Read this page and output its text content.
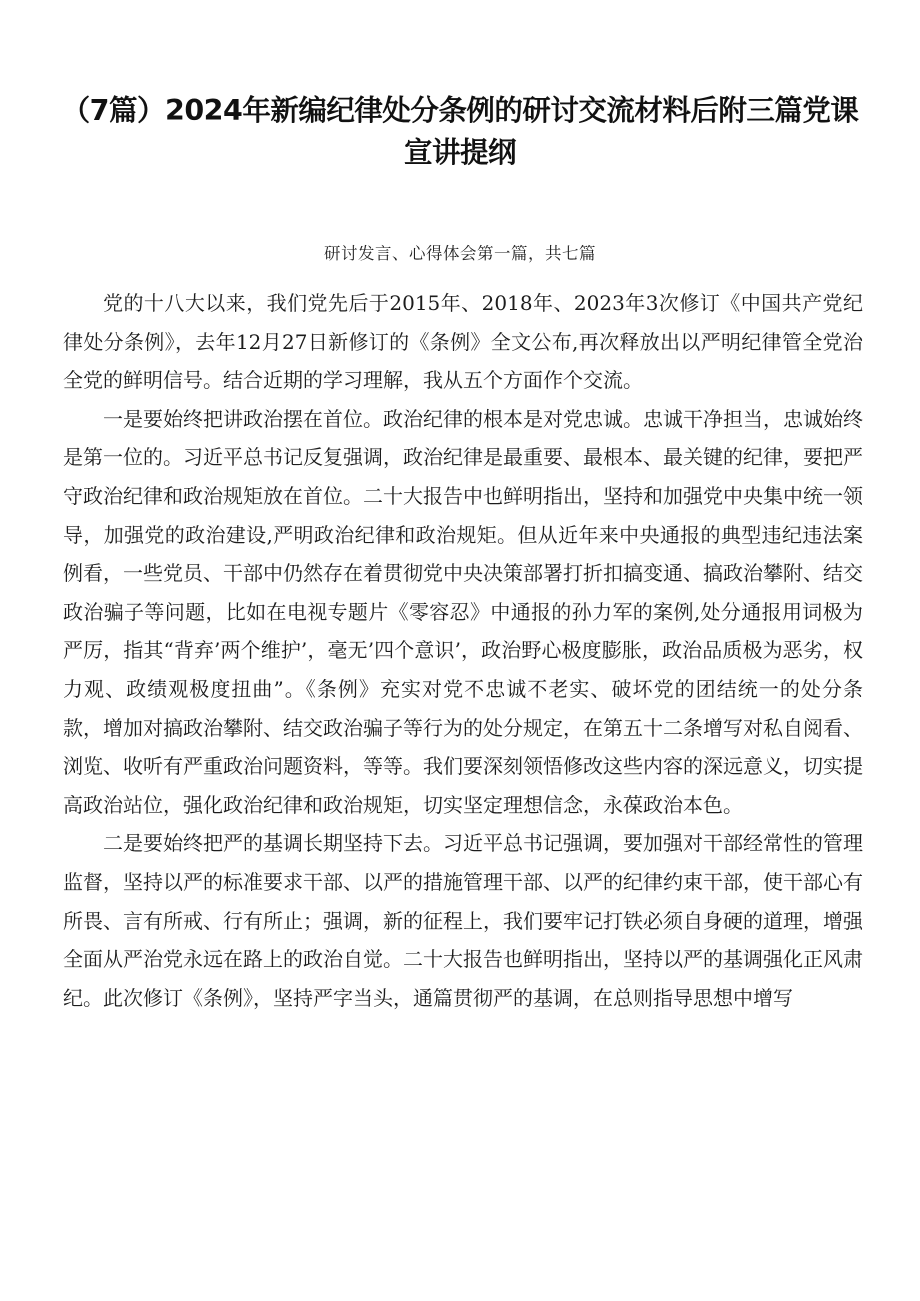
（7篇）2024年新编纪律处分条例的研讨交流材料后附三篇党课
宣讲提纲

研讨发言、心得体会第一篇，共七篇

党的十八大以来，我们党先后于2015年、2018年、2023年3次修订《中国共产党纪律处分条例》，去年12月27日新修订的《条例》全文公布,再次释放出以严明纪律管全党治全党的鲜明信号。结合近期的学习理解，我从五个方面作个交流。

一是要始终把讲政治摆在首位。政治纪律的根本是对党忠诚。忠诚干净担当，忠诚始终是第一位的。习近平总书记反复强调，政治纪律是最重要、最根本、最关键的纪律，要把严守政治纪律和政治规矩放在首位。二十大报告中也鲜明指出，坚持和加强党中央集中统一领导，加强党的政治建设,严明政治纪律和政治规矩。但从近年来中央通报的典型违纪违法案例看，一些党员、干部中仍然存在着贯彻党中央决策部署打折扣搞变通、搞政治攀附、结交政治骗子等问题，比如在电视专题片《零容忍》中通报的孙力军的案例,处分通报用词极为严厉，指其“背弃’两个维护’，毫无’四个意识’，政治野心极度膨胀，政治品质极为恶劣，权力观、政绩观极度扭曲”。《条例》充实对党不忠诚不老实、破坏党的团结统一的处分条款，增加对搞政治攀附、结交政治骗子等行为的处分规定，在第五十二条增写对私自阅看、浏览、收听有严重政治问题资料，等等。我们要深刻领悟修改这些内容的深远意义，切实提高政治站位，强化政治纪律和政治规矩，切实坚定理想信念，永葆政治本色。

二是要始终把严的基调长期坚持下去。习近平总书记强调，要加强对干部经常性的管理监督，坚持以严的标准要求干部、以严的措施管理干部、以严的纪律约束干部，使干部心有所畏、言有所戒、行有所止；强调，新的征程上，我们要牢记打铁必须自身硬的道理，增强全面从严治党永远在路上的政治自觉。二十大报告也鲜明指出，坚持以严的基调强化正风肃纪。此次修订《条例》，坚持严字当头，通篇贯彻严的基调，在总则指导思想中增写
